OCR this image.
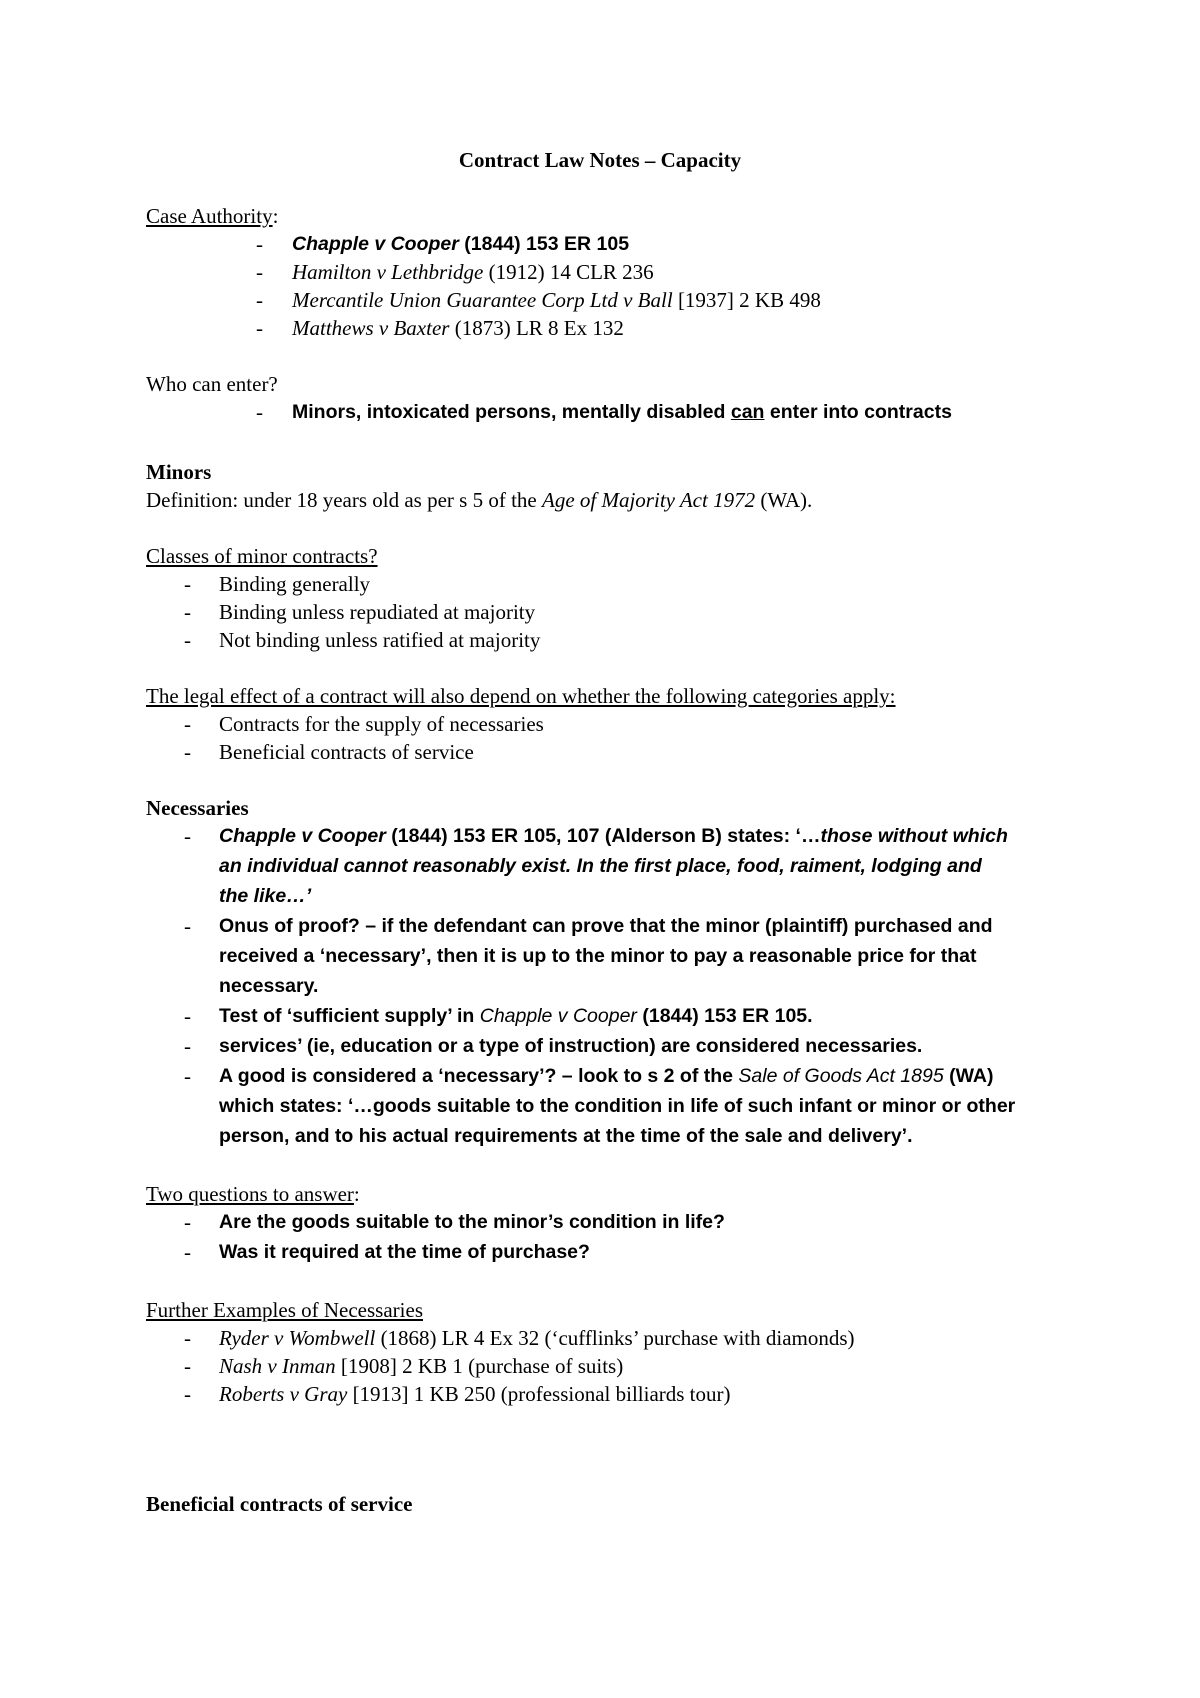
Contract Law Notes – Capacity
Case Authority:
- Chapple v Cooper (1844) 153 ER 105
- Hamilton v Lethbridge (1912) 14 CLR 236
- Mercantile Union Guarantee Corp Ltd v Ball [1937] 2 KB 498
- Matthews v Baxter (1873) LR 8 Ex 132
Who can enter?
- Minors, intoxicated persons, mentally disabled can enter into contracts
Minors
Definition: under 18 years old as per s 5 of the Age of Majority Act 1972 (WA).
Classes of minor contracts?
- Binding generally
- Binding unless repudiated at majority
- Not binding unless ratified at majority
The legal effect of a contract will also depend on whether the following categories apply:
- Contracts for the supply of necessaries
- Beneficial contracts of service
Necessaries
- Chapple v Cooper (1844) 153 ER 105, 107 (Alderson B) states: ‘…those without which
an individual cannot reasonably exist. In the first place, food, raiment, lodging and
the like…’
- Onus of proof? – if the defendant can prove that the minor (plaintiff) purchased and
received a ‘necessary’, then it is up to the minor to pay a reasonable price for that
necessary.
- Test of ‘sufficient supply’ in Chapple v Cooper (1844) 153 ER 105.
- services’ (ie, education or a type of instruction) are considered necessaries.
- A good is considered a ‘necessary’? – look to s 2 of the Sale of Goods Act 1895 (WA)
which states: ‘…goods suitable to the condition in life of such infant or minor or other
person, and to his actual requirements at the time of the sale and delivery’.
Two questions to answer:
- Are the goods suitable to the minor’s condition in life?
- Was it required at the time of purchase?
Further Examples of Necessaries
- Ryder v Wombwell (1868) LR 4 Ex 32 (‘cufflinks’ purchase with diamonds)
- Nash v Inman [1908] 2 KB 1 (purchase of suits)
- Roberts v Gray [1913] 1 KB 250 (professional billiards tour)
Beneficial contracts of service
